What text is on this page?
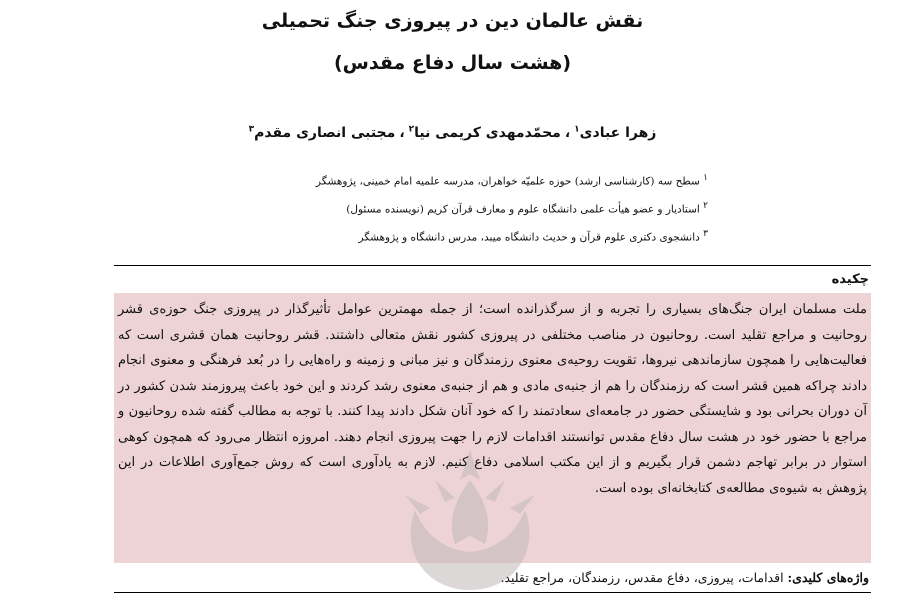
نقش عالمان دین در پیروزی جنگ تحمیلی
(هشت سال دفاع مقدس)
زهرا عبادی$^۱$،محمّدمهدی کریمی نیا$^۲$،مجتبی انصاری مقدم$^۳$
$^۱$ سطح سه (کارشناسی ارشد) حوزه علمیّه خواهران، مدرسه علمیه امام خمینی، پژوهشگر
$^۲$ استادیار و عضو هیأت علمی دانشگاه علوم و معارف قرآن کریم (نویسنده مسئول)
$^۳$ دانشجوی دکتری علوم قرآن و حدیث دانشگاه میبد، مدرس دانشگاه و پژوهشگر
چکیده
ملت مسلمان ایران جنگ‌های بسیاری را تجربه و از سرگذرانده است؛ از جمله مهمترین عوامل تأثیرگذار در پیروزی جنگ حوزه‌ی قشر روحانیت و مراجع تقلید است. روحانیون در مناصب مختلفی در پیروزی کشور نقش متعالی داشتند. قشر روحانیت همان قشری است که فعالیت‌هایی را همچون سازماندهی نیروها، تقویت روحیه‌ی معنوی رزمندگان و نیز مبانی و زمینه و راه‌هایی را در بُعد فرهنگی و معنوی انجام دادند چراکه همین قشر است که رزمندگان را هم از جنبه‌ی مادی و هم از جنبه‌ی معنوی رشد کردند و این خود باعث پیروزمند شدن کشور در آن دوران بحرانی بود و شایستگی حضور در جامعه‌ای سعادتمند را که خود آنان شکل دادند پیدا کنند. با توجه به مطالب گفته شده روحانیون و مراجع با حضور خود در هشت سال دفاع مقدس توانستند اقدامات لازم را جهت پیروزی انجام دهند. امروزه انتظار می‌رود که همچون کوهی استوار در برابر تهاجم دشمن قرار بگیریم و از این مکتب اسلامی دفاع کنیم. لازم به یادآوری است که روش جمع‌آوری اطلاعات در این پژوهش به شیوه‌ی مطالعه‌ی کتابخانه‌ای بوده است.
واژه‌های کلیدی: اقدامات، پیروزی، دفاع مقدس، رزمندگان، مراجع تقلید.
